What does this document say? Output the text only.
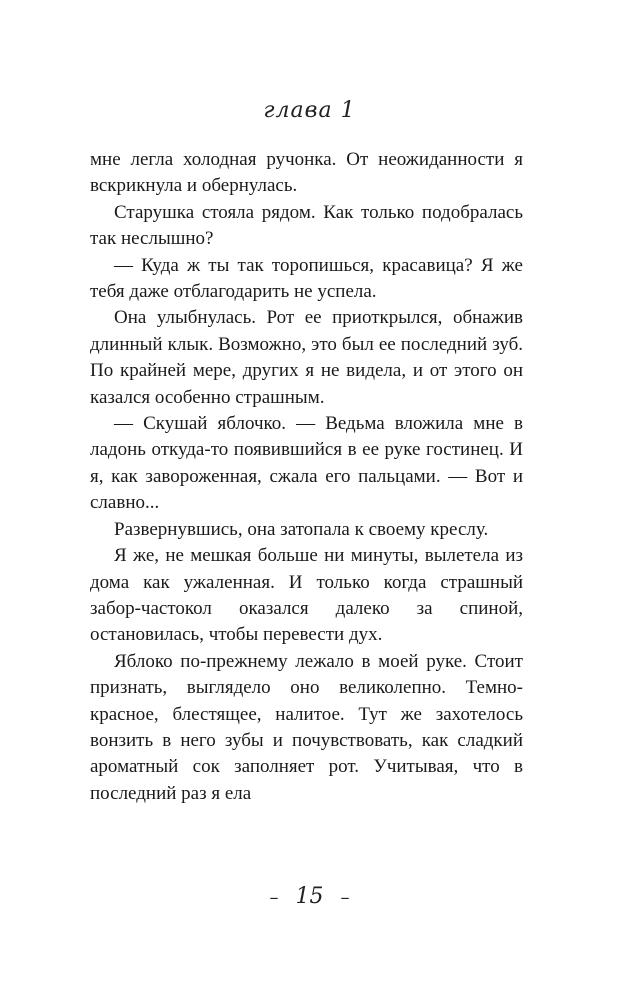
глава 1

мне легла холодная ручонка. От неожиданности я вскрикнула и обернулась.

Старушка стояла рядом. Как только подобралась так неслышно?

— Куда ж ты так торопишься, красавица? Я же тебя даже отблагодарить не успела.

Она улыбнулась. Рот ее приоткрылся, обнажив длинный клык. Возможно, это был ее последний зуб. По крайней мере, других я не видела, и от этого он казался особенно страшным.

— Скушай яблочко. — Ведьма вложила мне в ладонь откуда-то появившийся в ее руке гостинец. И я, как завороженная, сжала его пальцами. — Вот и славно...

Развернувшись, она затопала к своему креслу.

Я же, не мешкая больше ни минуты, вылетела из дома как ужаленная. И только когда страшный забор-частокол оказался далеко за спиной, остановилась, чтобы перевести дух.

Яблоко по-прежнему лежало в моей руке. Стоит признать, выглядело оно великолепно. Темно-красное, блестящее, налитое. Тут же захотелось вонзить в него зубы и почувствовать, как сладкий ароматный сок заполняет рот. Учитывая, что в последний раз я ела

– 15 –
